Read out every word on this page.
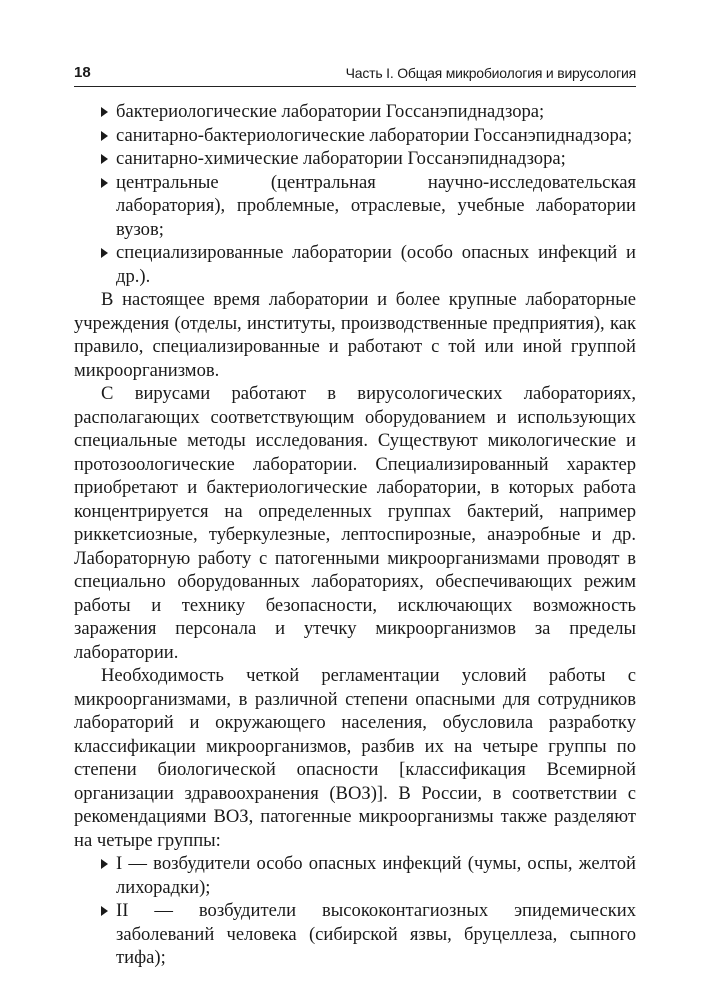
18	Часть I. Общая микробиология и вирусология
бактериологические лаборатории Госсанэпиднадзора;
санитарно-бактериологические лаборатории Госсанэпиднадзора;
санитарно-химические лаборатории Госсанэпиднадзора;
центральные (центральная научно-исследовательская лаборатория), проблемные, отраслевые, учебные лаборатории вузов;
специализированные лаборатории (особо опасных инфекций и др.).

В настоящее время лаборатории и более крупные лабораторные учреждения (отделы, институты, производственные предприятия), как правило, специализированные и работают с той или иной группой микроорганизмов.

С вирусами работают в вирусологических лабораториях, располагающих соответствующим оборудованием и использующих специальные методы исследования. Существуют микологические и протозоологические лаборатории. Специализированный характер приобретают и бактериологические лаборатории, в которых работа концентрируется на определенных группах бактерий, например риккетсиозные, туберкулезные, лептоспирозные, анаэробные и др. Лабораторную работу с патогенными микроорганизмами проводят в специально оборудованных лабораториях, обеспечивающих режим работы и технику безопасности, исключающих возможность заражения персонала и утечку микроорганизмов за пределы лаборатории.

Необходимость четкой регламентации условий работы с микроорганизмами, в различной степени опасными для сотрудников лабораторий и окружающего населения, обусловила разработку классификации микроорганизмов, разбив их на четыре группы по степени биологической опасности [классификация Всемирной организации здравоохранения (ВОЗ)]. В России, в соответствии с рекомендациями ВОЗ, патогенные микроорганизмы также разделяют на четыре группы:

I — возбудители особо опасных инфекций (чумы, оспы, желтой лихорадки);
II — возбудители высококонтагиозных эпидемических заболеваний человека (сибирской язвы, бруцеллеза, сыпного тифа);
